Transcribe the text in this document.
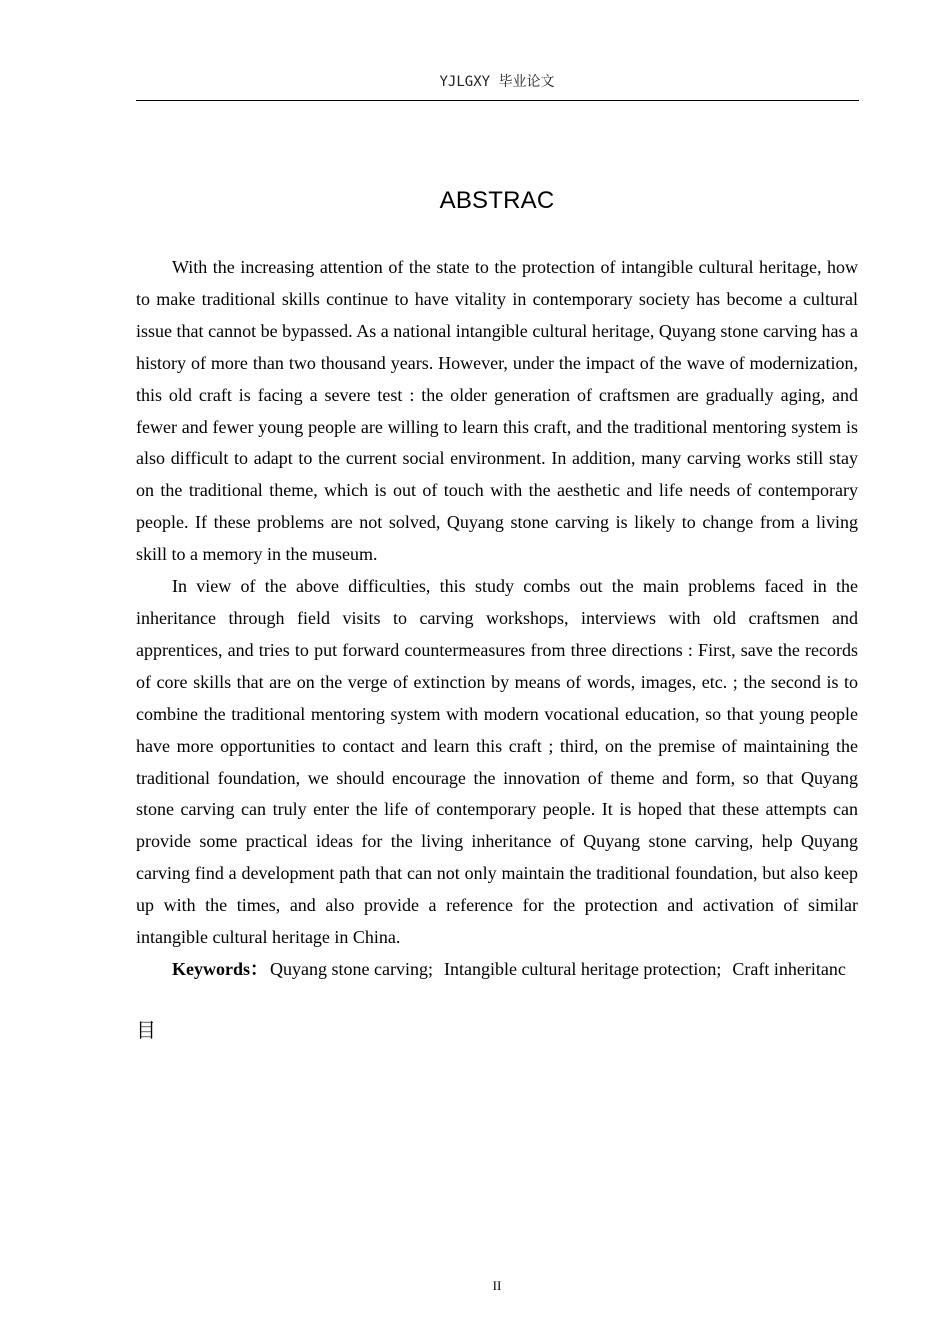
YJLGXY 毕业论文
ABSTRAC

With the increasing attention of the state to the protection of intangible cultural heritage, how to make traditional skills continue to have vitality in contemporary society has become a cultural issue that cannot be bypassed. As a national intangible cultural heritage, Quyang stone carving has a history of more than two thousand years. However, under the impact of the wave of modernization, this old craft is facing a severe test : the older generation of craftsmen are gradually aging, and fewer and fewer young people are willing to learn this craft, and the traditional mentoring system is also difficult to adapt to the current social environment. In addition, many carving works still stay on the traditional theme, which is out of touch with the aesthetic and life needs of contemporary people. If these problems are not solved, Quyang stone carving is likely to change from a living skill to a memory in the museum.

In view of the above difficulties, this study combs out the main problems faced in the inheritance through field visits to carving workshops, interviews with old craftsmen and apprentices, and tries to put forward countermeasures from three directions : First, save the records of core skills that are on the verge of extinction by means of words, images, etc. ; the second is to combine the traditional mentoring system with modern vocational education, so that young people have more opportunities to contact and learn this craft ; third, on the premise of maintaining the traditional foundation, we should encourage the innovation of theme and form, so that Quyang stone carving can truly enter the life of contemporary people. It is hoped that these attempts can provide some practical ideas for the living inheritance of Quyang stone carving, help Quyang carving find a development path that can not only maintain the traditional foundation, but also keep up with the times, and also provide a reference for the protection and activation of similar intangible cultural heritage in China.

Keywords： Quyang stone carving; Intangible cultural heritage protection; Craft inheritanc

目
II
